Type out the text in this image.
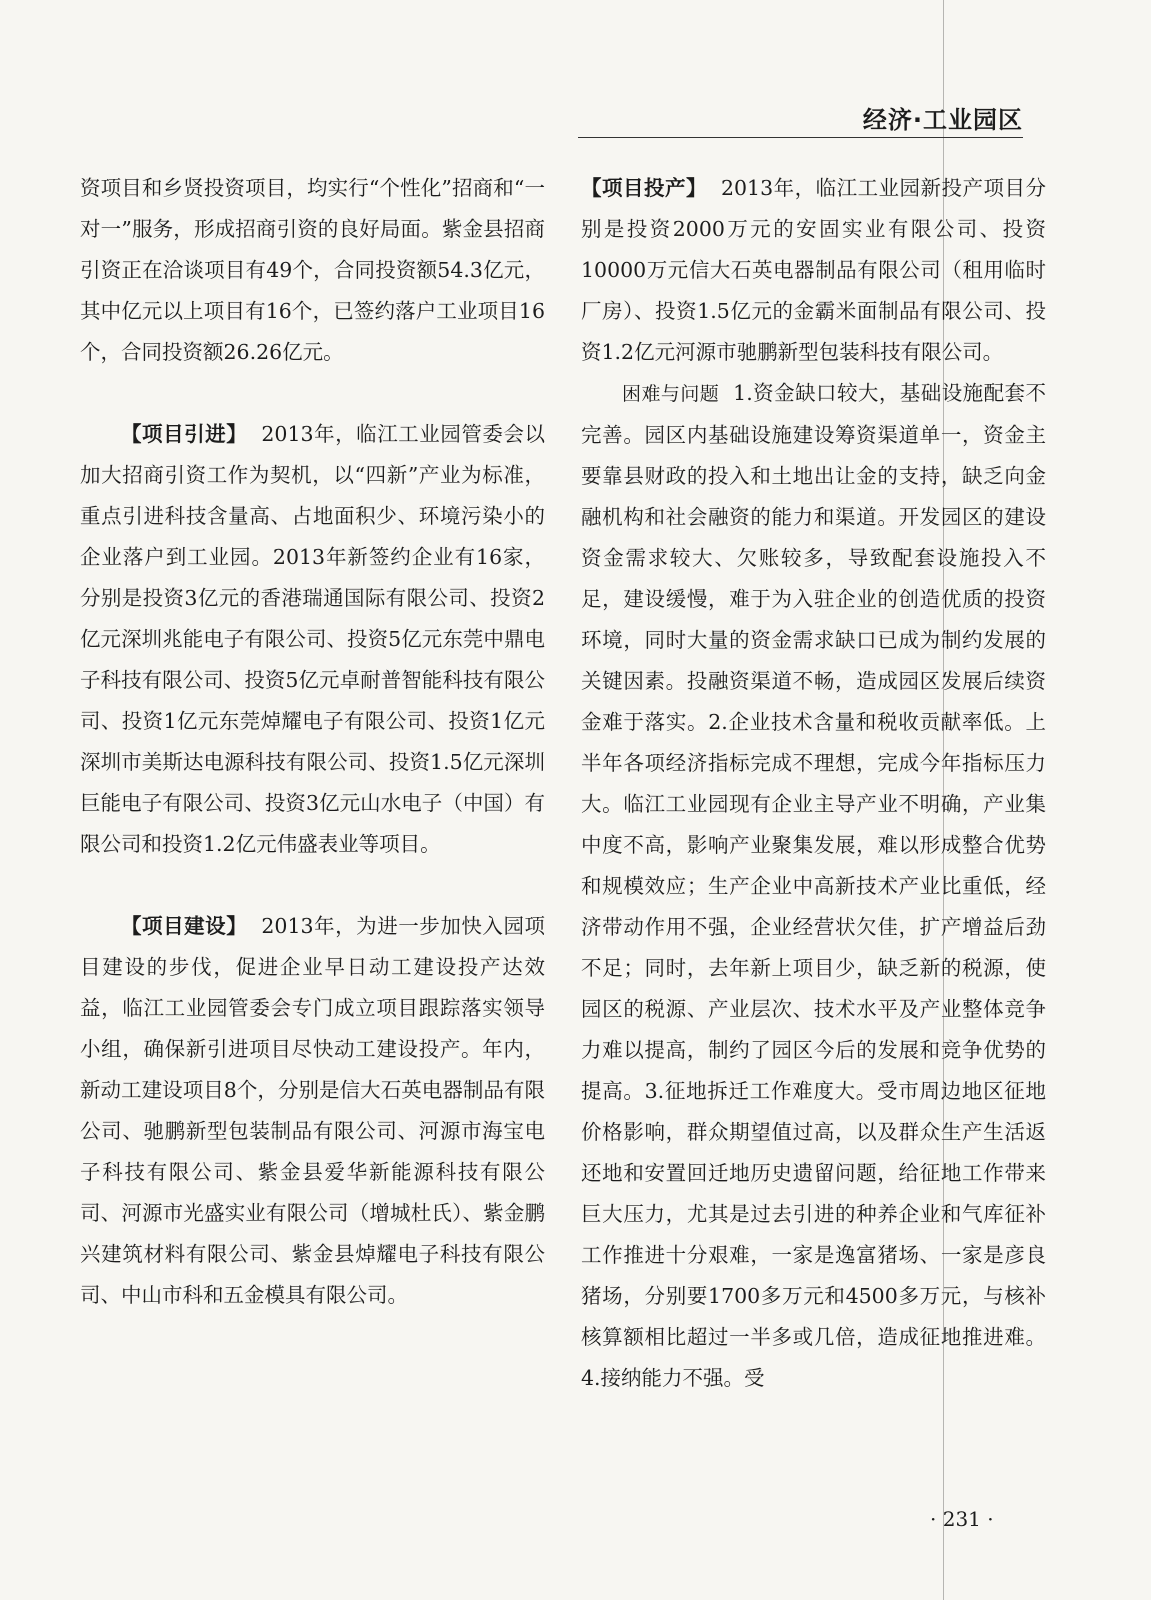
经济·工业园区

资项目和乡贤投资项目，均实行“个性化”招商和“一对一”服务，形成招商引资的良好局面。紫金县招商引资正在洽谈项目有49个，合同投资额54.3亿元，其中亿元以上项目有16个，已签约落户工业项目16个，合同投资额26.26亿元。

【项目引进】 2013年，临江工业园管委会以加大招商引资工作为契机，以“四新”产业为标准，重点引进科技含量高、占地面积少、环境污染小的企业落户到工业园。2013年新签约企业有16家，分别是投资3亿元的香港瑞通国际有限公司、投资2亿元深圳兆能电子有限公司、投资5亿元东莞中鼎电子科技有限公司、投资5亿元卓耐普智能科技有限公司、投资1亿元东莞焯耀电子有限公司、投资1亿元深圳市美斯达电源科技有限公司、投资1.5亿元深圳巨能电子有限公司、投资3亿元山水电子（中国）有限公司和投资1.2亿元伟盛表业等项目。

【项目建设】 2013年，为进一步加快入园项目建设的步伐，促进企业早日动工建设投产达效益，临江工业园管委会专门成立项目跟踪落实领导小组，确保新引进项目尽快动工建设投产。年内，新动工建设项目8个，分别是信大石英电器制品有限公司、驰鹏新型包装制品有限公司、河源市海宝电子科技有限公司、紫金县爱华新能源科技有限公司、河源市光盛实业有限公司（增城杜氏）、紫金鹏兴建筑材料有限公司、紫金县焯耀电子科技有限公司、中山市科和五金模具有限公司。

【项目投产】 2013年，临江工业园新投产项目分别是投资2000万元的安固实业有限公司、投资10000万元信大石英电器制品有限公司（租用临时厂房）、投资1.5亿元的金霸米面制品有限公司、投资1.2亿元河源市驰鹏新型包装科技有限公司。

困难与问题 1.资金缺口较大，基础设施配套不完善。园区内基础设施建设筹资渠道单一，资金主要靠县财政的投入和土地出让金的支持，缺乏向金融机构和社会融资的能力和渠道。开发园区的建设资金需求较大、欠账较多，导致配套设施投入不足，建设缓慢，难于为入驻企业的创造优质的投资环境，同时大量的资金需求缺口已成为制约发展的关键因素。投融资渠道不畅，造成园区发展后续资金难于落实。2.企业技术含量和税收贡献率低。上半年各项经济指标完成不理想，完成今年指标压力大。临江工业园现有企业主导产业不明确，产业集中度不高，影响产业聚集发展，难以形成整合优势和规模效应；生产企业中高新技术产业比重低，经济带动作用不强，企业经营状欠佳，扩产增益后劲不足；同时，去年新上项目少，缺乏新的税源，使园区的税源、产业层次、技术水平及产业整体竞争力难以提高，制约了园区今后的发展和竞争优势的提高。3.征地拆迁工作难度大。受市周边地区征地价格影响，群众期望值过高，以及群众生产生活返还地和安置回迁地历史遗留问题，给征地工作带来巨大压力，尤其是过去引进的种养企业和气库征补工作推进十分艰难，一家是逸富猪场、一家是彦良猪场，分别要1700多万元和4500多万元，与核补核算额相比超过一半多或几倍，造成征地推进难。4.接纳能力不强。受

· 231 ·
